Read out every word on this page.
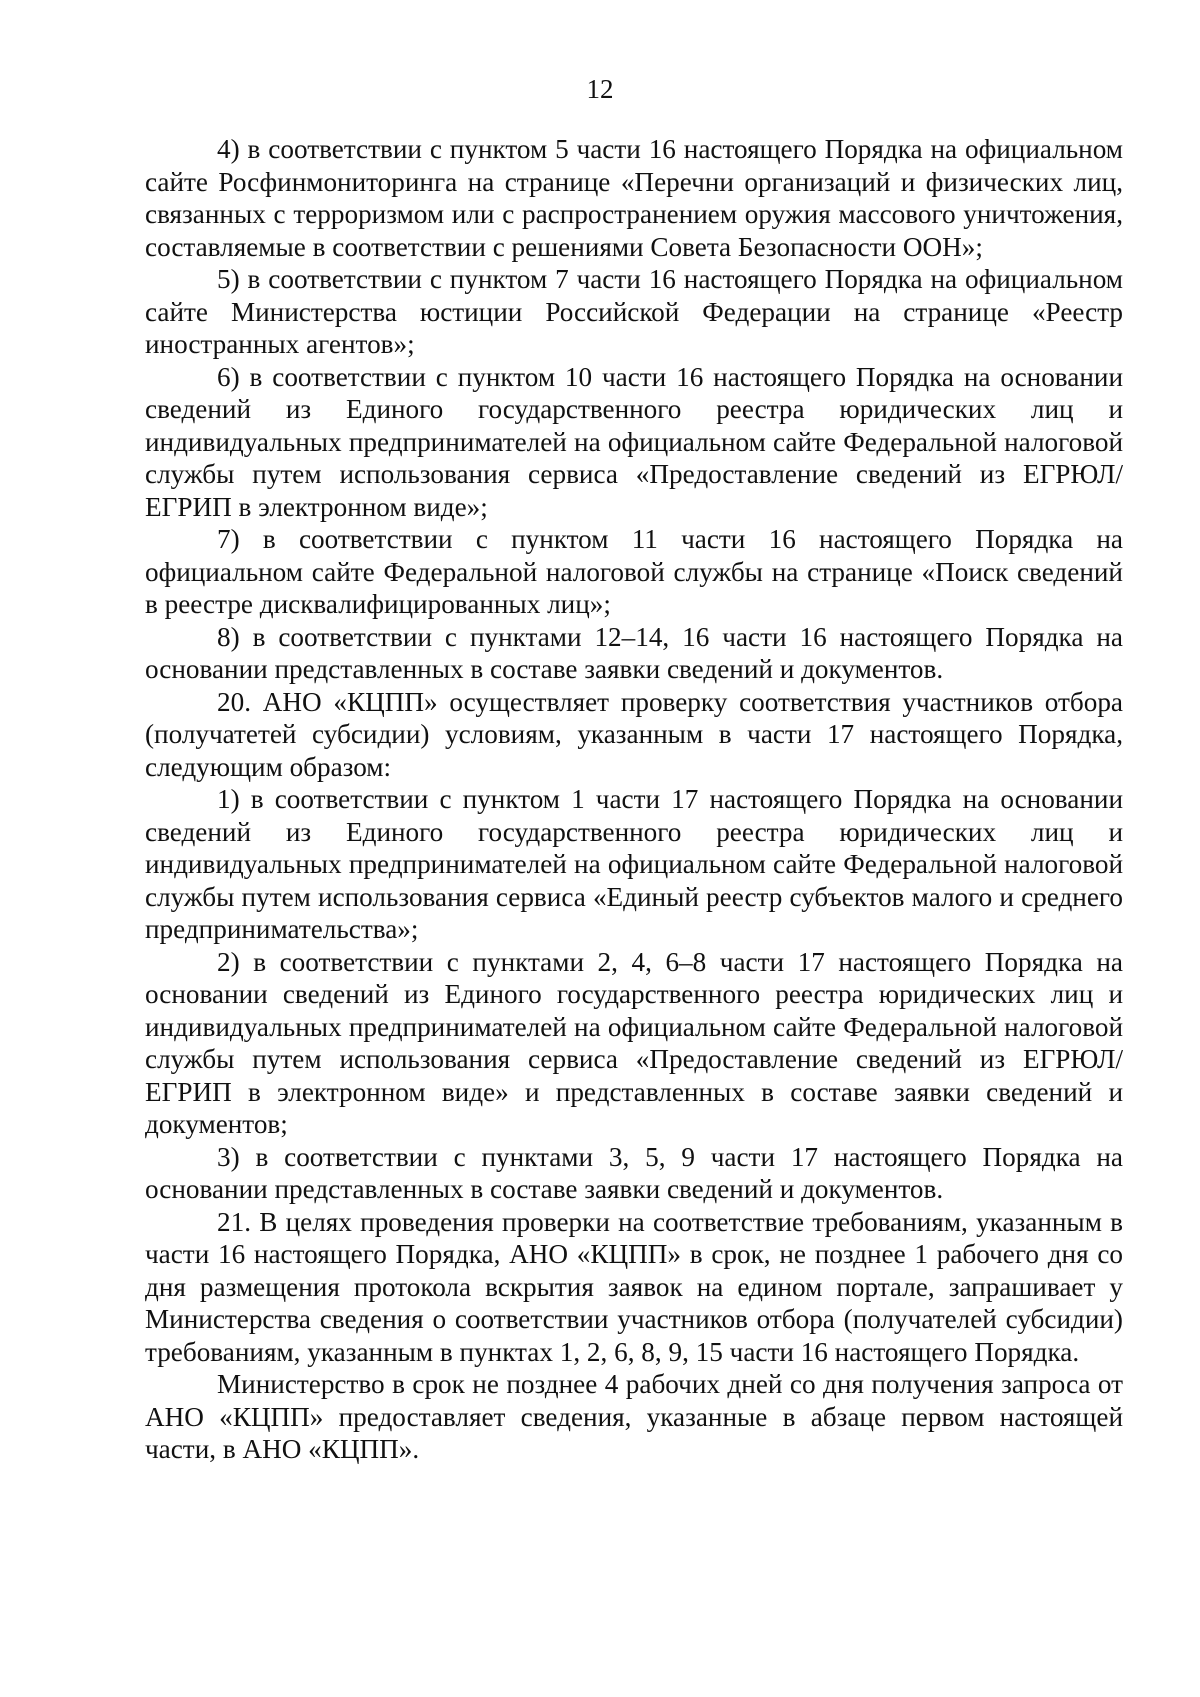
12

4) в соответствии с пунктом 5 части 16 настоящего Порядка на официальном сайте Росфинмониторинга на странице «Перечни организаций и физических лиц, связанных с терроризмом или с распространением оружия массового уничтожения, составляемые в соответствии с решениями Совета Безопасности ООН»;

5) в соответствии с пунктом 7 части 16 настоящего Порядка на официальном сайте Министерства юстиции Российской Федерации на странице «Реестр иностранных агентов»;

6) в соответствии с пунктом 10 части 16 настоящего Порядка на основании сведений из Единого государственного реестра юридических лиц и индивидуальных предпринимателей на официальном сайте Федеральной налоговой службы путем использования сервиса «Предоставление сведений из ЕГРЮЛ/ЕГРИП в электронном виде»;

7) в соответствии с пунктом 11 части 16 настоящего Порядка на официальном сайте Федеральной налоговой службы на странице «Поиск сведений в реестре дисквалифицированных лиц»;

8) в соответствии с пунктами 12–14, 16 части 16 настоящего Порядка на основании представленных в составе заявки сведений и документов.

20. АНО «КЦПП» осуществляет проверку соответствия участников отбора (получатетей субсидии) условиям, указанным в части 17 настоящего Порядка, следующим образом:

1) в соответствии с пунктом 1 части 17 настоящего Порядка на основании сведений из Единого государственного реестра юридических лиц и индивидуальных предпринимателей на официальном сайте Федеральной налоговой службы путем использования сервиса «Единый реестр субъектов малого и среднего предпринимательства»;

2) в соответствии с пунктами 2, 4, 6–8 части 17 настоящего Порядка на основании сведений из Единого государственного реестра юридических лиц и индивидуальных предпринимателей на официальном сайте Федеральной налоговой службы путем использования сервиса «Предоставление сведений из ЕГРЮЛ/ЕГРИП в электронном виде» и представленных в составе заявки сведений и документов;

3) в соответствии с пунктами 3, 5, 9 части 17 настоящего Порядка на основании представленных в составе заявки сведений и документов.

21. В целях проведения проверки на соответствие требованиям, указанным в части 16 настоящего Порядка, АНО «КЦПП» в срок, не позднее 1 рабочего дня со дня размещения протокола вскрытия заявок на едином портале, запрашивает у Министерства сведения о соответствии участников отбора (получателей субсидии) требованиям, указанным в пунктах 1, 2, 6, 8, 9, 15 части 16 настоящего Порядка.

Министерство в срок не позднее 4 рабочих дней со дня получения запроса от АНО «КЦПП» предоставляет сведения, указанные в абзаце первом настоящей части, в АНО «КЦПП».
